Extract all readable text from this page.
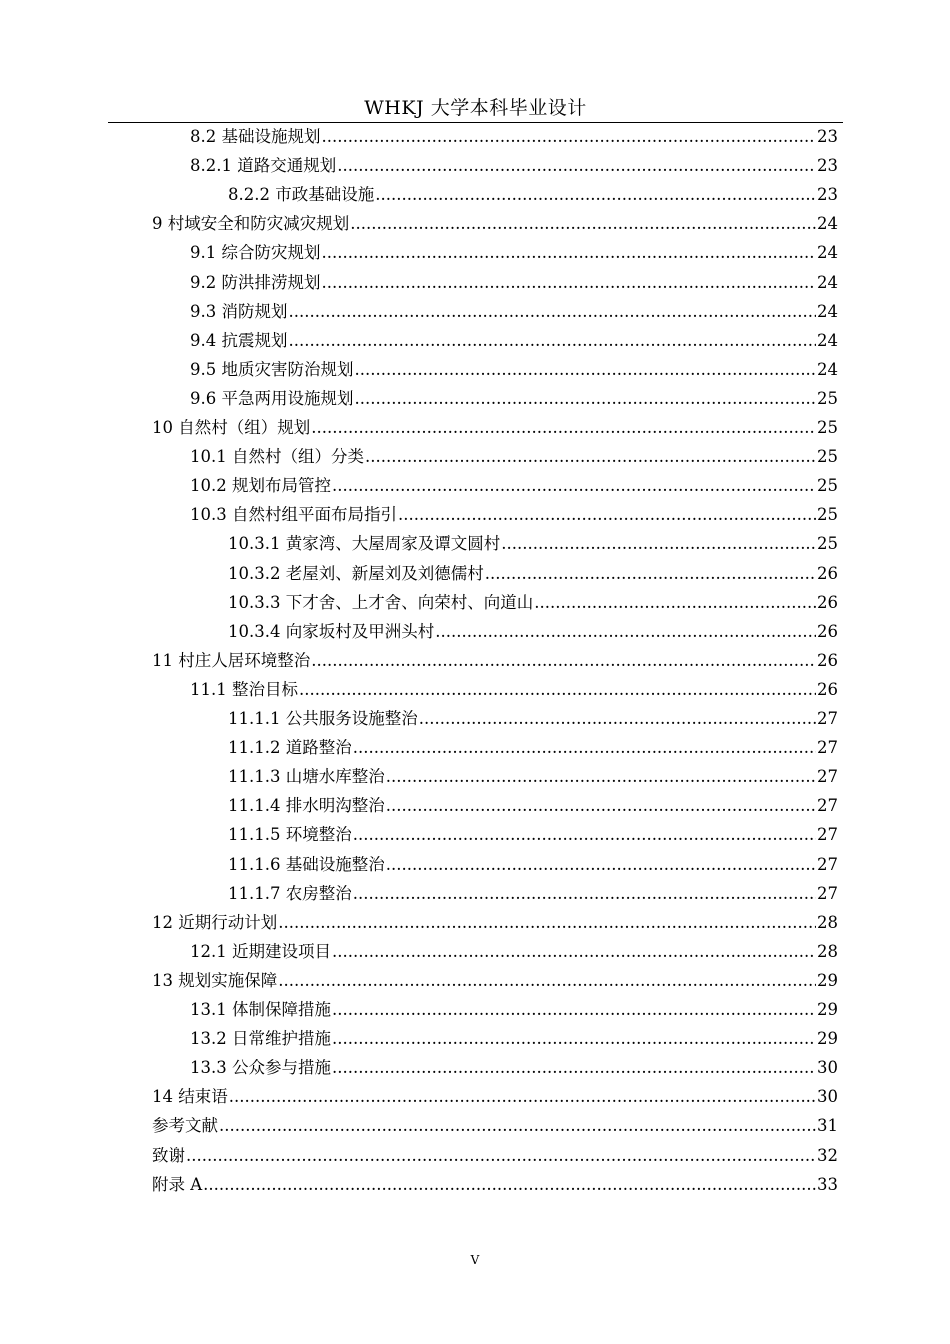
WHKJ 大学本科毕业设计
8.2 基础设施规划 .....	23
8.2.1 道路交通规划 .....	23
8.2.2 市政基础设施 .....	23
9 村域安全和防灾减灾规划 .....	24
9.1 综合防灾规划 .....	24
9.2 防洪排涝规划 .....	24
9.3 消防规划 .....	24
9.4 抗震规划 .....	24
9.5 地质灾害防治规划 .....	24
9.6 平急两用设施规划 .....	25
10 自然村（组）规划 .....	25
10.1 自然村（组）分类 .....	25
10.2 规划布局管控 .....	25
10.3 自然村组平面布局指引 .....	25
10.3.1 黄家湾、大屋周家及谭文圆村 .....	25
10.3.2 老屋刘、新屋刘及刘德儒村 .....	26
10.3.3 下才舍、上才舍、向荣村、向道山 .....	26
10.3.4 向家坂村及甲洲头村 .....	26
11 村庄人居环境整治 .....	26
11.1 整治目标 .....	26
11.1.1 公共服务设施整治 .....	27
11.1.2 道路整治 .....	27
11.1.3 山塘水库整治 .....	27
11.1.4 排水明沟整治 .....	27
11.1.5 环境整治 .....	27
11.1.6 基础设施整治 .....	27
11.1.7 农房整治 .....	27
12 近期行动计划 .....	28
12.1 近期建设项目 .....	28
13 规划实施保障 .....	29
13.1 体制保障措施 .....	29
13.2 日常维护措施 .....	29
13.3 公众参与措施 .....	30
14 结束语 .....	30
参考文献 .....	31
致谢 .....	32
附录 A .....	33
V
